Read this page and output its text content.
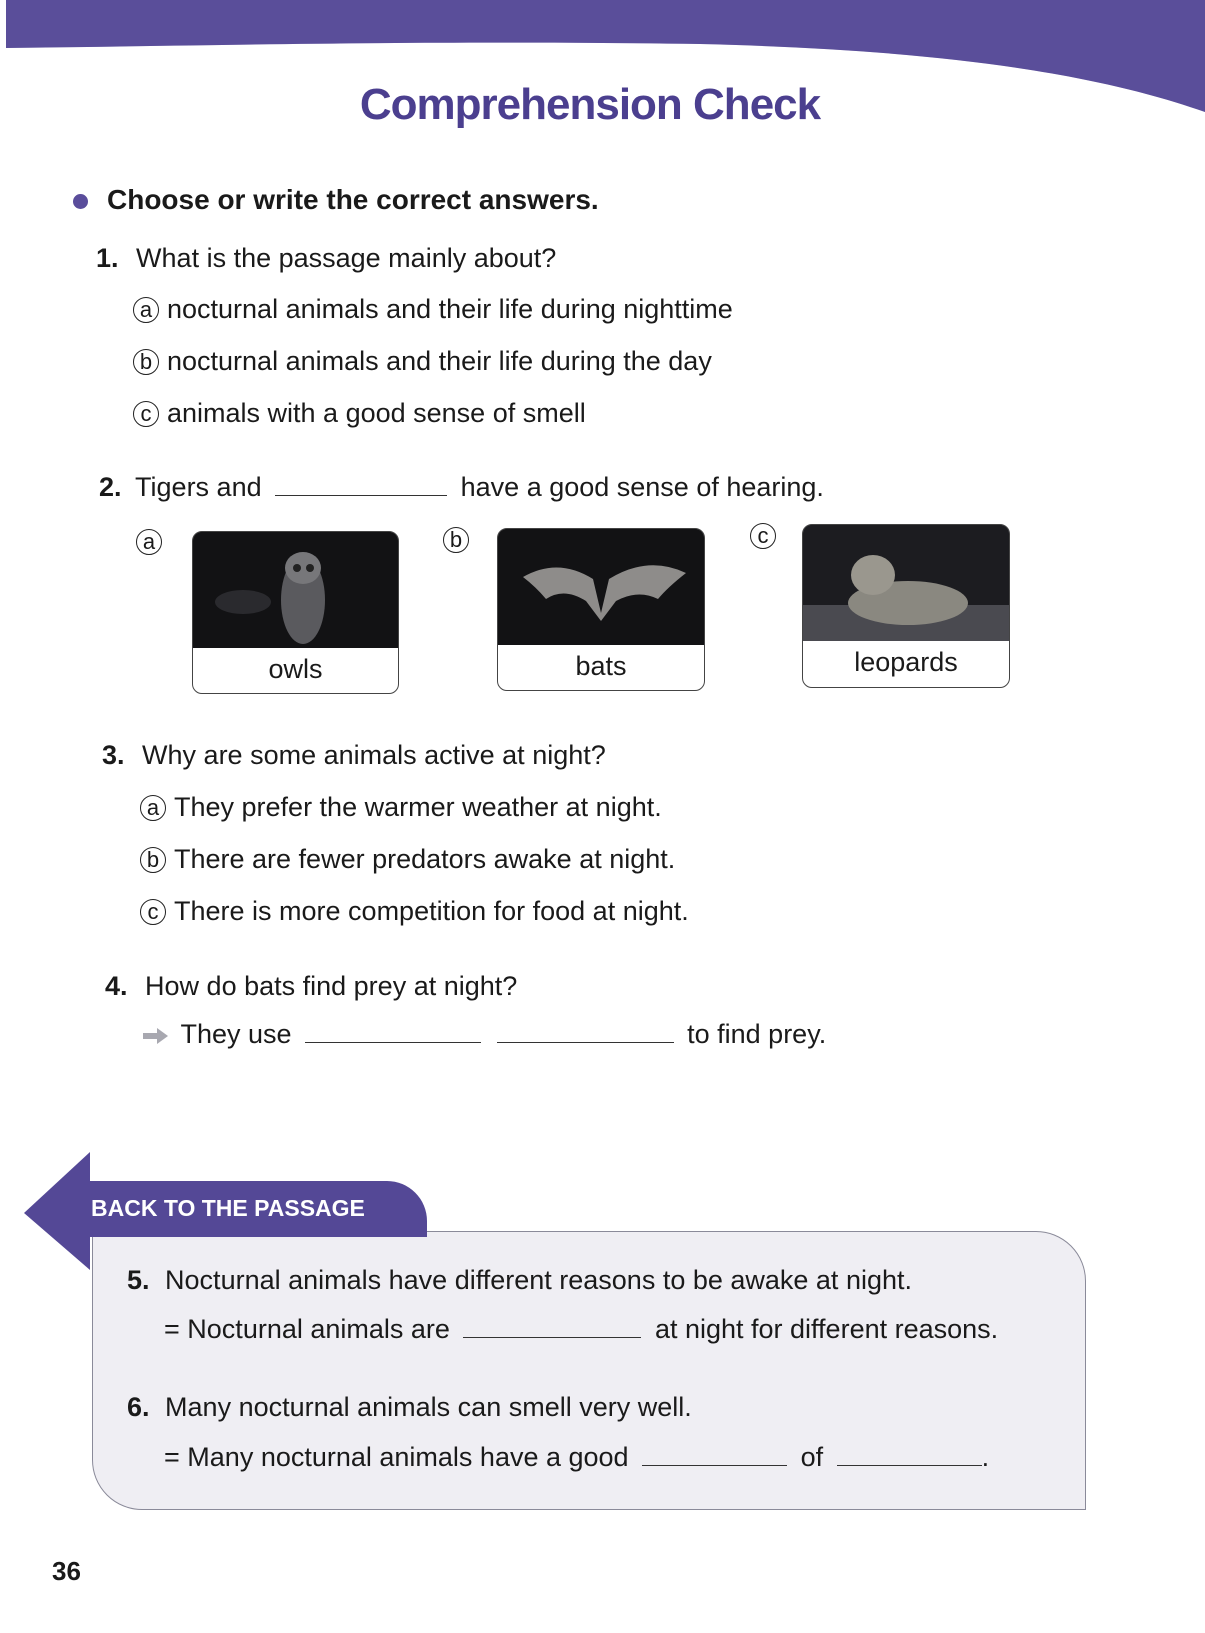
Comprehension Check
Choose or write the correct answers.
1. What is the passage mainly about?
a nocturnal animals and their life during nighttime
b nocturnal animals and their life during the day
c animals with a good sense of smell
2. Tigers and	have a good sense of hearing.
a
owls
b
bats
c
leopards
3. Why are some animals active at night?
a They prefer the warmer weather at night.
b There are fewer predators awake at night.
c There is more competition for food at night.
4. How do bats find prey at night?
They use	to find prey.
BACK TO THE PASSAGE
5. Nocturnal animals have different reasons to be awake at night.
= Nocturnal animals are	at night for different reasons.
6. Many nocturnal animals can smell very well.
= Many nocturnal animals have a good	of	.
36
